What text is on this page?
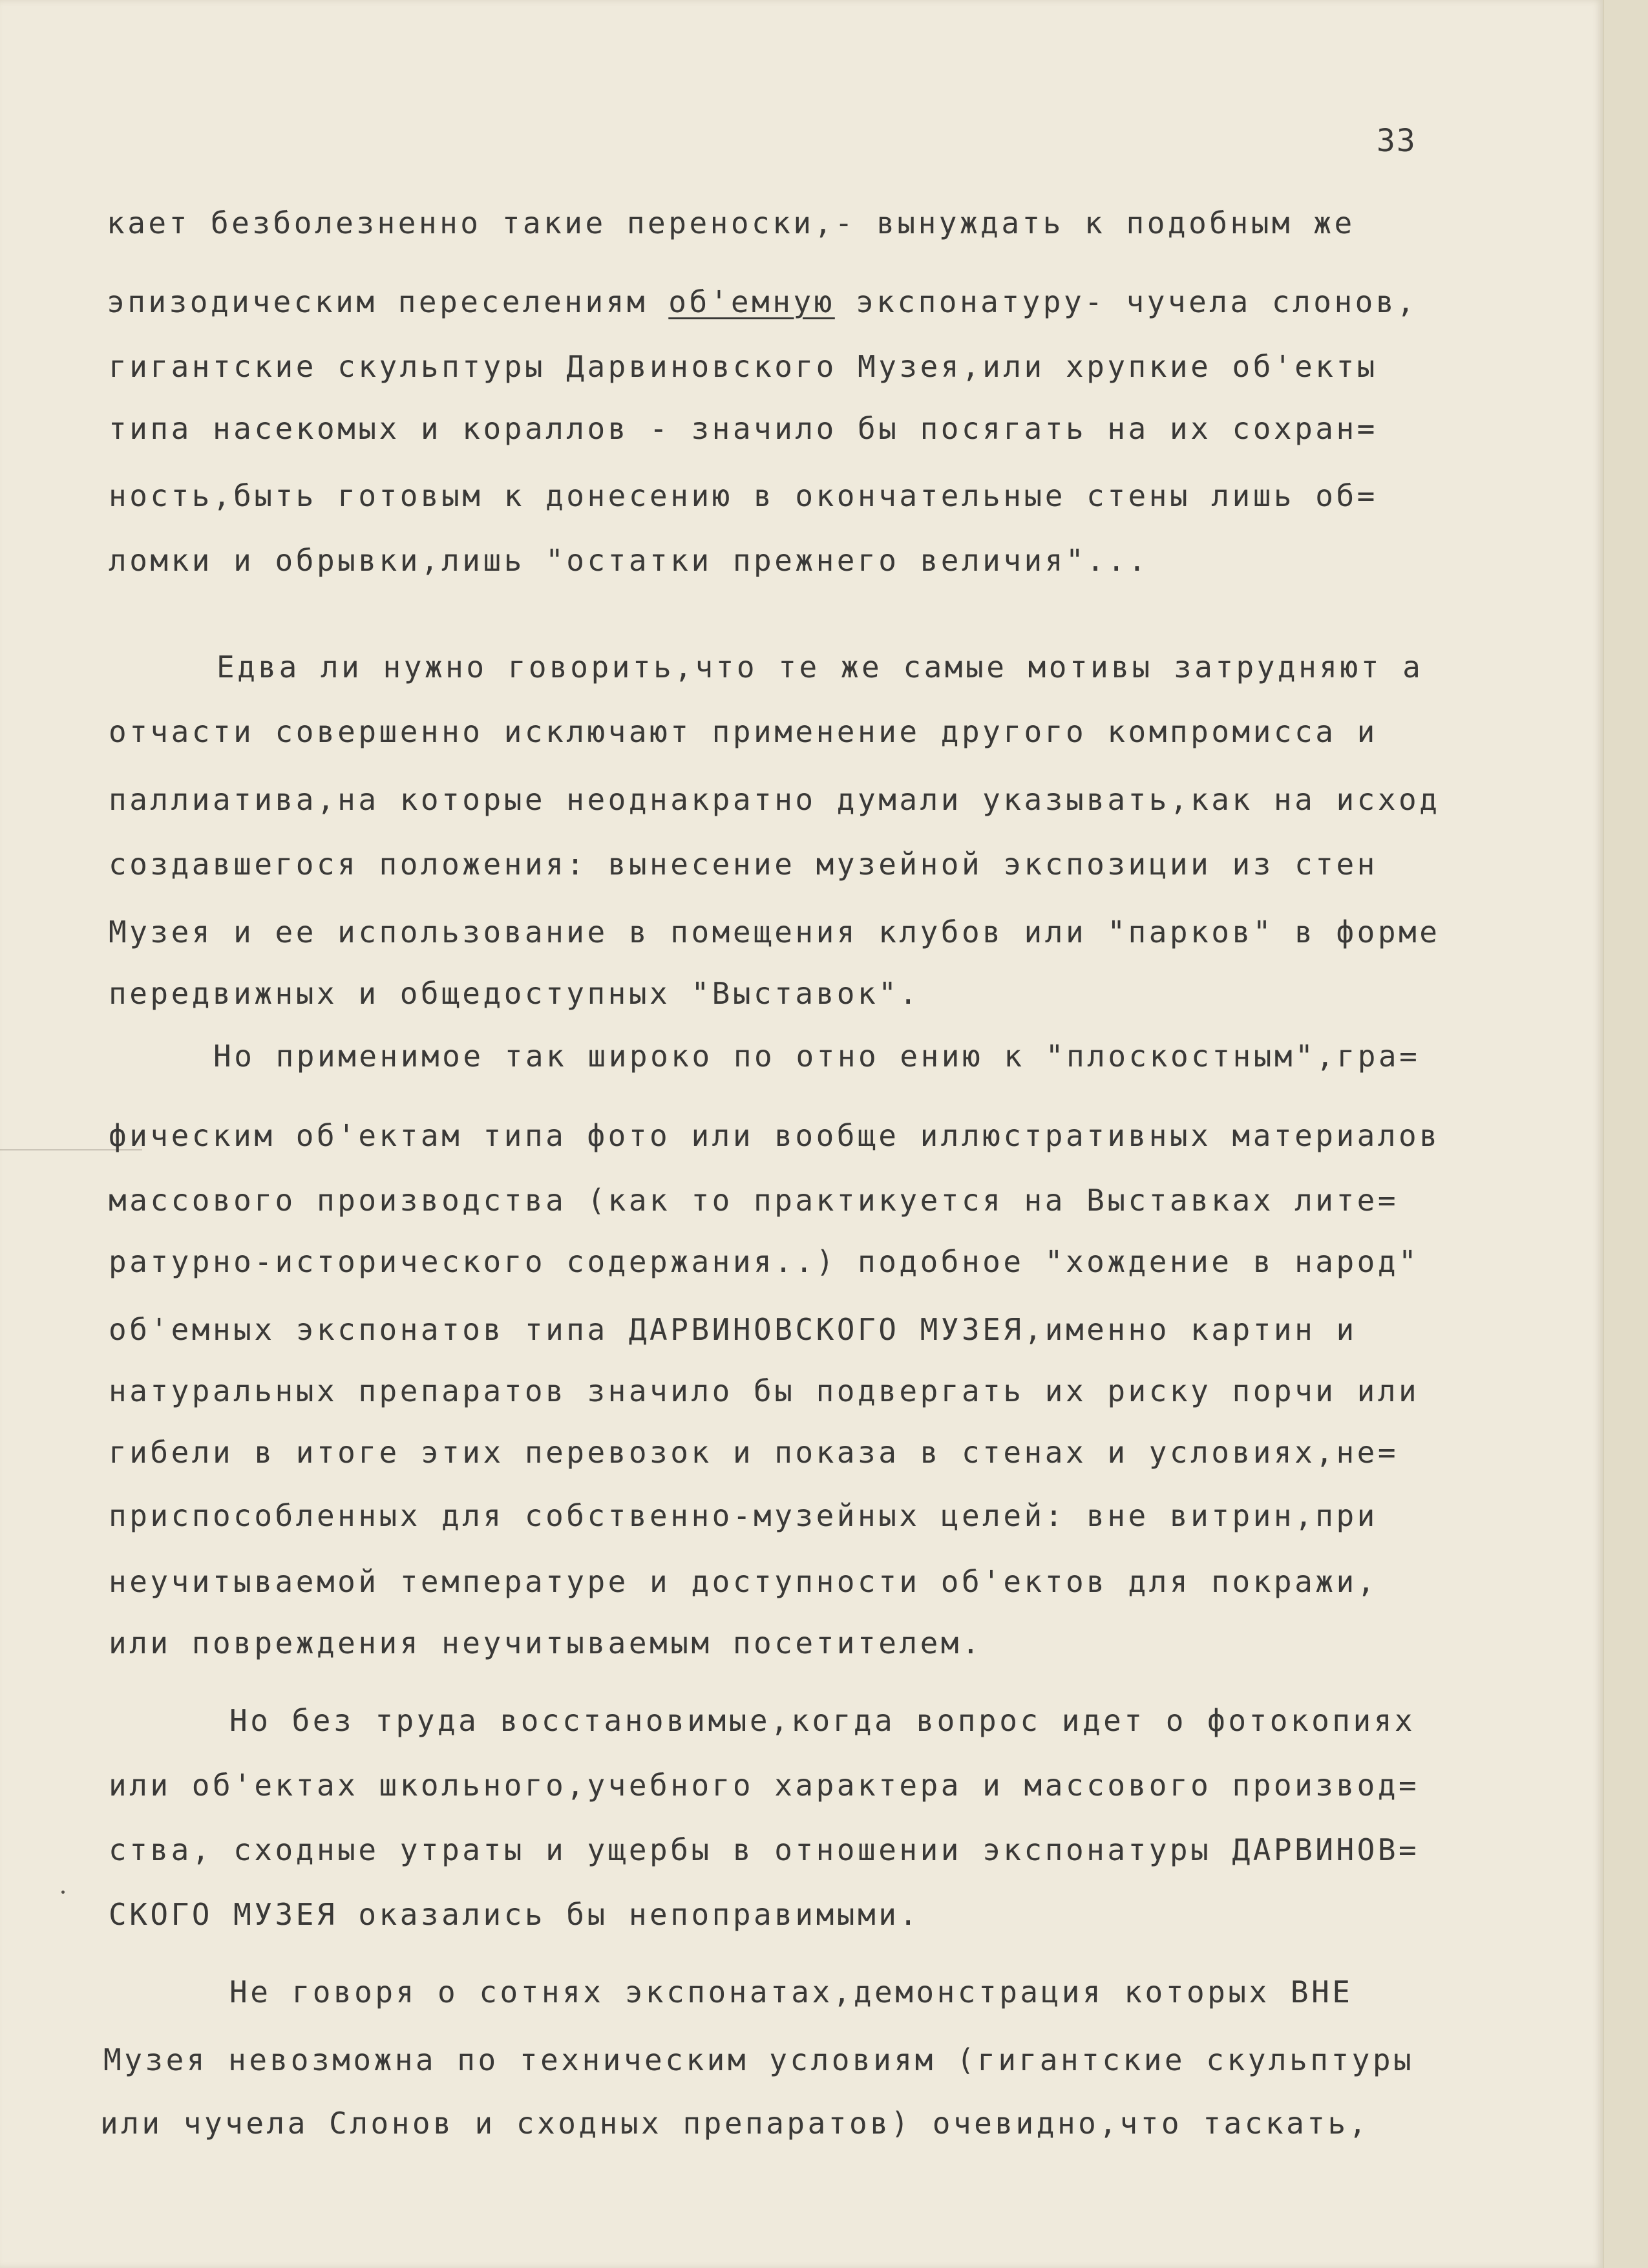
33
кает безболезненно такие переноски,- вынуждать к подобным же
эпизодическим переселениям об'емную экспонатуру- чучела слонов,
гигантские скульптуры Дарвиновского Музея,или хрупкие об'екты
типа насекомых и кораллов - значило бы посягать на их сохран=
ность,быть готовым к донесению в окончательные стены лишь об=
ломки и обрывки,лишь "остатки прежнего величия"...
Едва ли нужно говорить,что те же самые мотивы затрудняют а
отчасти совершенно исключают применение другого компромисса и
паллиатива,на которые неоднакратно думали указывать,как на исход
создавшегося положения: вынесение музейной экспозиции из стен
Музея и ее использование в помещения клубов или "парков" в форме
передвижных и общедоступных "Выставок".
Но применимое так широко по отно ению к "плоскостным",гра=
фическим об'ектам типа фото или вообще иллюстративных материалов
массового производства (как то практикуется на Выставках лите=
ратурно-исторического содержания..) подобное "хождение в народ"
об'емных экспонатов типа ДАРВИНОВСКОГО МУЗЕЯ,именно картин и
натуральных препаратов значило бы подвергать их риску порчи или
гибели в итоге этих перевозок и показа в стенах и условиях,не=
приспособленных для собственно-музейных целей: вне витрин,при
неучитываемой температуре и доступности об'ектов для покражи,
или повреждения неучитываемым посетителем.
Но без труда восстановимые,когда вопрос идет о фотокопиях
или об'ектах школьного,учебного характера и массового производ=
ства, сходные утраты и ущербы в отношении экспонатуры ДАРВИНОВ=
СКОГО МУЗЕЯ оказались бы непоправимыми.
Не говоря о сотнях экспонатах,демонстрация которых ВНЕ
Музея невозможна по техническим условиям (гигантские скульптуры
или чучела Слонов и сходных препаратов) очевидно,что таскать,
